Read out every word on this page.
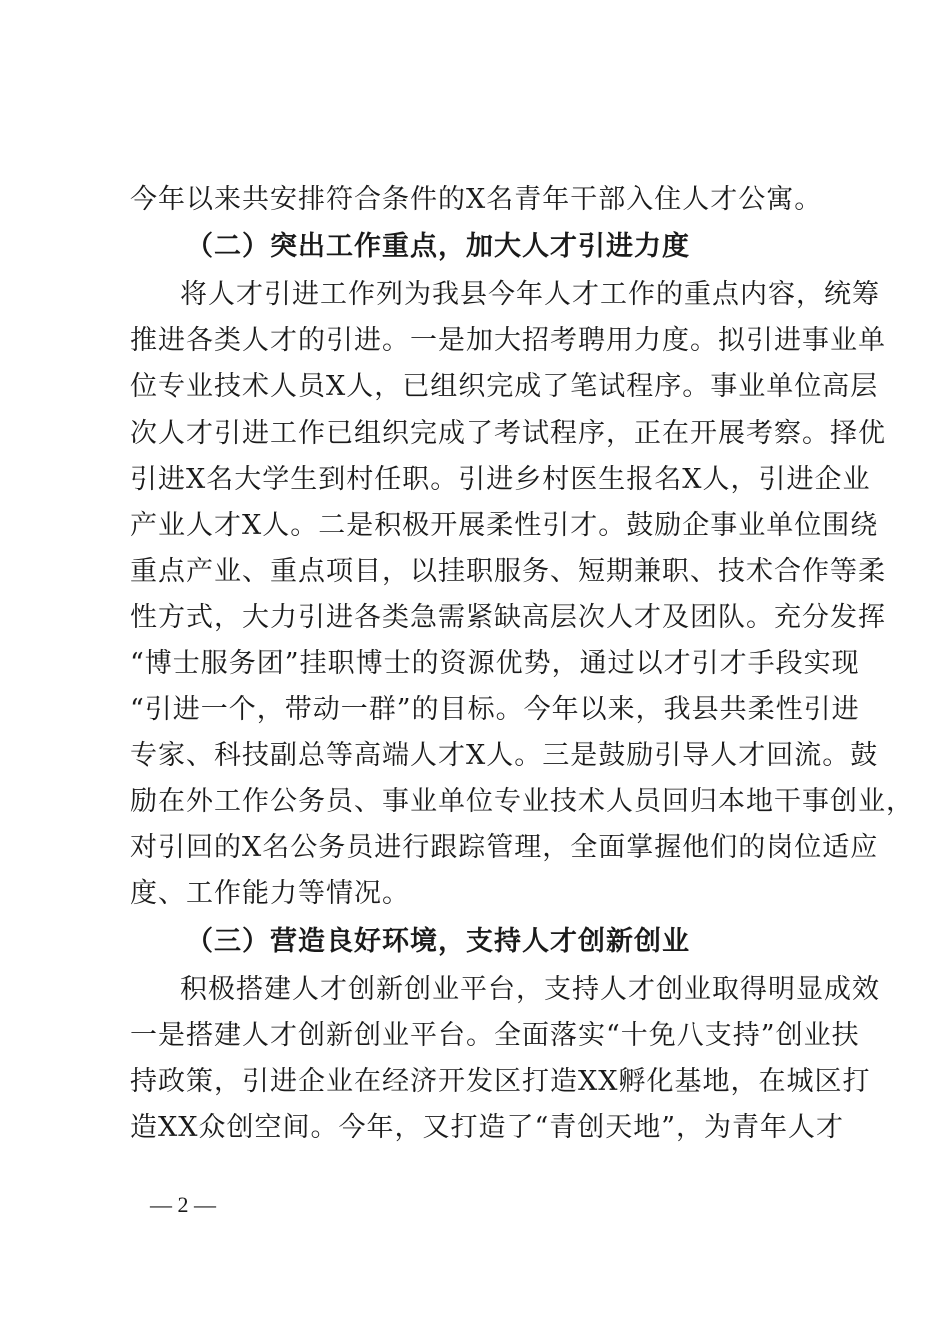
今年以来共安排符合条件的X名青年干部入住人才公寓。
（二）突出工作重点，加大人才引进力度
将人才引进工作列为我县今年人才工作的重点内容，统筹
推进各类人才的引进。一是加大招考聘用力度。拟引进事业单
位专业技术人员X人，已组织完成了笔试程序。事业单位高层
次人才引进工作已组织完成了考试程序，正在开展考察。择优
引进X名大学生到村任职。引进乡村医生报名X人，引进企业
产业人才X人。二是积极开展柔性引才。鼓励企事业单位围绕
重点产业、重点项目，以挂职服务、短期兼职、技术合作等柔
性方式，大力引进各类急需紧缺高层次人才及团队。充分发挥
“博士服务团”挂职博士的资源优势，通过以才引才手段实现
“引进一个，带动一群”的目标。今年以来，我县共柔性引进
专家、科技副总等高端人才X人。三是鼓励引导人才回流。鼓
励在外工作公务员、事业单位专业技术人员回归本地干事创业，
对引回的X名公务员进行跟踪管理，全面掌握他们的岗位适应
度、工作能力等情况。
（三）营造良好环境，支持人才创新创业
积极搭建人才创新创业平台，支持人才创业取得明显成效
一是搭建人才创新创业平台。全面落实“十免八支持”创业扶
持政策，引进企业在经济开发区打造XX孵化基地，在城区打
造XX众创空间。今年，又打造了“青创天地”，为青年人才
— 2 —
